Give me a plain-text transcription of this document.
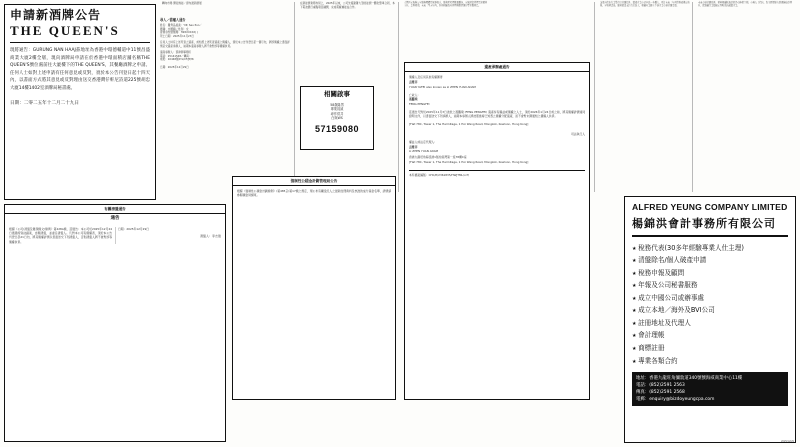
轉向市場 開拓效能／發布最新發展	在新能源業務布局上，2025年以來，公司先後簽署大筆的能源一體化整車合同，本下電池銀行重點項目鋪開，完成電廠補能站合作。
大灣區家族辦公室服務機構張梁泰表示，隨著跨境理財通擴容，家族財富管理需求顯著上升。業界預期，未來三至五年內，區內相關資產管理規模將維持雙位數增長。
該報告指出行業集中度持續提升，頭部企業市佔率進一步擴大，預計未來三年內將形成穩定格局。分析師認為，隨著政策支持力度加大，相關產業鏈上下游企業有望持續受惠。
未來有望持續改善，預料相關板塊估值仍有修復空間。市場人士指出，資金面寬鬆有助風險偏好回升，建議關注業績確定性較高的龍頭企業。
申請新酒牌公告
THE QUEEN'S
現將通告：GURUNG NAN HAAJ茲地址為香港中環德輔道中11號昌盛商業大廈2樓全層，現向酒牌局申請在於香港中環面積店舖名稱THE QUEEN'S號位處前往大廈樓下的THE QUEEN'S，其餐廳酒牌之申請。任何人士如對上述申請有任何意見或反對，須於本公告刊登日起十四天內，以書面方式將其意見或反對理由送交香港灣仔軒尼詩道225號胡忠大廈14樓1402室酒牌局秘書處。
日期：二零二五年十二月二十九日
尋人／債權人通告
姓名：羅秀品美美：YIP, Sau Pun／
國籍：中國籍／性別：女
香港身份證號碼：HZXXXXXX( )
死亡日期：2025年11月23日
任何人士持有上述死者之遺產，或知悉上述死者遺產之債權人，須於本公告刊登日起一個月內，將該債權之書面詳情呈交遺產承辦人，逾期本遺產承辦人將不會對該等債權負責。
遺產承辦人：蔡律師事務所
電話：25141548／傳真：
地址：10448號KYL/CF/JE/fn
日期：2025年12月29日
相關啟事
58歲隆男
專業員誠
尋作供共
白與WS
57159080
遺產承辦處通告
債權人及任何其他有權獲得
袁雅菲
YUAN YAFEI also known as LI ZHEN YUAN ADAM
亡故人：
馮鵬飛
FENG PENGFEI
茲通告凡對於2025年11月3日逝世之馮鵬飛 (FENG PENGFEI) 遺產持有權益或債權之人士，須於2026年1月24日或之前，將其債權詳情連同證明文件，以書面送交下列承辦人，逾期本承辦人將按照當時已知悉之債權分配遺產，而不會對未獲通知之債權人負責。
[Flat 78C, Tower 1, The Hermitage, 1 Hoi Wang Road, Mongkok, Kowloon, Hong Kong]
司法執行人
權益人或法定代理人：
袁雅菲
LI ZHEN YUAN ADAM
香港九龍旺角海泓道1號柏景灣第一座78樓C室
[Flat 78C, Tower 1, The Hermitage, 1 Hoi Wang Road, Mongkok, Kowloon, Hong Kong]
本所檔案編號：CHC/P/2361835/HWJTML(ccf)
強制性公積金計劃管理局公告
根據《強制性公積金計劃條例》(第485章)第17條之規定，現公布有關受託人之最新註冊資料及核准的成分基金名單，詳情請參閱積金局網頁。
有關清盤通告
通告
根據《公司(清盤及雜項條文)條例》第228A條，茲通告：本公司於2025年12月24日通過特別決議案，自願清盤，並委任清盤人。凡對本公司有債權者，須於本公告刊登日起21日內，將其債權詳情以書面送交下列清盤人，否則清盤人將不會對該等債權負責。
日期：2025年12月29日
清盤人：李志強
ALFRED YEUNG COMPANY LIMITED
楊錦洪會計事務所有限公司
★ 稅務代表(30多年經驗專業人仕主理)
★ 清盤除名/個人破產申請
★ 稅務申報及顧問
★ 年報及公司秘書服務
★ 成立中國公司或辦事處
★ 成立本地／海外及BVI公司
★ 註冊地址及代理人
★ 會計理帳
★ 商標註冊
★ 專業各類合約
地址：香港九龍旺角彌敦道340號號海威商業中心11樓
電話：(852)2591 2563
傳真：(852)2591 2568
電郵：enquiry@bizdoyeungcpa.com
2025/12/29
